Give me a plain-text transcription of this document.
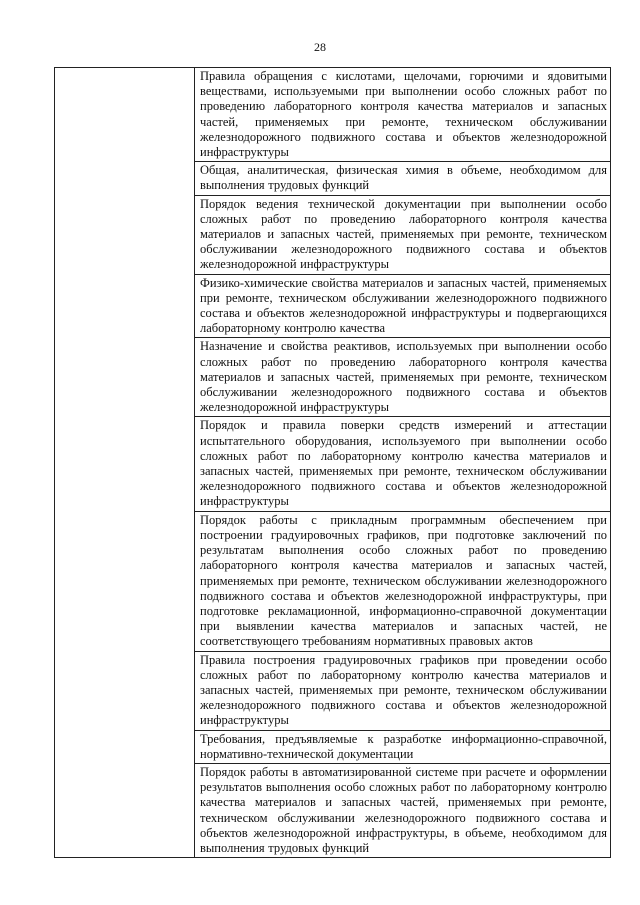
28

Правила обращения с кислотами, щелочами, горючими и ядовитыми веществами, используемыми при выполнении особо сложных работ по проведению лабораторного контроля качества материалов и запасных частей, применяемых при ремонте, техническом обслуживании железнодорожного подвижного состава и объектов железнодорожной инфраструктуры

Общая, аналитическая, физическая химия в объеме, необходимом для выполнения трудовых функций

Порядок ведения технической документации при выполнении особо сложных работ по проведению лабораторного контроля качества материалов и запасных частей, применяемых при ремонте, техническом обслуживании железнодорожного подвижного состава и объектов железнодорожной инфраструктуры

Физико-химические свойства материалов и запасных частей, применяемых при ремонте, техническом обслуживании железнодорожного подвижного состава и объектов железнодорожной инфраструктуры и подвергающихся лабораторному контролю качества

Назначение и свойства реактивов, используемых при выполнении особо сложных работ по проведению лабораторного контроля качества материалов и запасных частей, применяемых при ремонте, техническом обслуживании железнодорожного подвижного состава и объектов железнодорожной инфраструктуры

Порядок и правила поверки средств измерений и аттестации испытательного оборудования, используемого при выполнении особо сложных работ по лабораторному контролю качества материалов и запасных частей, применяемых при ремонте, техническом обслуживании железнодорожного подвижного состава и объектов железнодорожной инфраструктуры

Порядок работы с прикладным программным обеспечением при построении градуировочных графиков, при подготовке заключений по результатам выполнения особо сложных работ по проведению лабораторного контроля качества материалов и запасных частей, применяемых при ремонте, техническом обслуживании железнодорожного подвижного состава и объектов железнодорожной инфраструктуры, при подготовке рекламационной, информационно-справочной документации при выявлении качества материалов и запасных частей, не соответствующего требованиям нормативных правовых актов

Правила построения градуировочных графиков при проведении особо сложных работ по лабораторному контролю качества материалов и запасных частей, применяемых при ремонте, техническом обслуживании железнодорожного подвижного состава и объектов железнодорожной инфраструктуры

Требования, предъявляемые к разработке информационно-справочной, нормативно-технической документации

Порядок работы в автоматизированной системе при расчете и оформлении результатов выполнения особо сложных работ по лабораторному контролю качества материалов и запасных частей, применяемых при ремонте, техническом обслуживании железнодорожного подвижного состава и объектов железнодорожной инфраструктуры, в объеме, необходимом для выполнения трудовых функций
